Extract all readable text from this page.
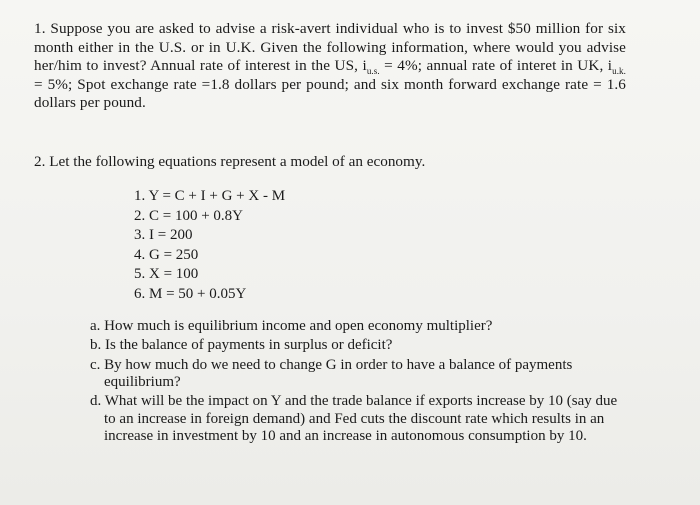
1. Suppose you are asked to advise a risk-avert individual who is to invest $50 million for six month either in the U.S. or in U.K. Given the following information, where would you advise her/him to invest? Annual rate of interest in the US, $i_{u.s.} = 4\%$; annual rate of interet in UK, $i_{u.k.} = 5\%$; Spot exchange rate =1.8 dollars per pound; and six month forward exchange rate = 1.6 dollars per pound.

2. Let the following equations represent a model of an economy.

1. Y = C + I + G + X - M
2. C = 100 + 0.8Y
3. I = 200
4. G = 250
5. X = 100
6. M = 50 + 0.05Y
a. How much is equilibrium income and open economy multiplier?
b. Is the balance of payments in surplus or deficit?
c. By how much do we need to change G in order to have a balance of payments equilibrium?
d. What will be the impact on Y and the trade balance if exports increase by 10 (say due to an increase in foreign demand) and Fed cuts the discount rate which results in an increase in investment by 10 and an increase in autonomous consumption by 10.
